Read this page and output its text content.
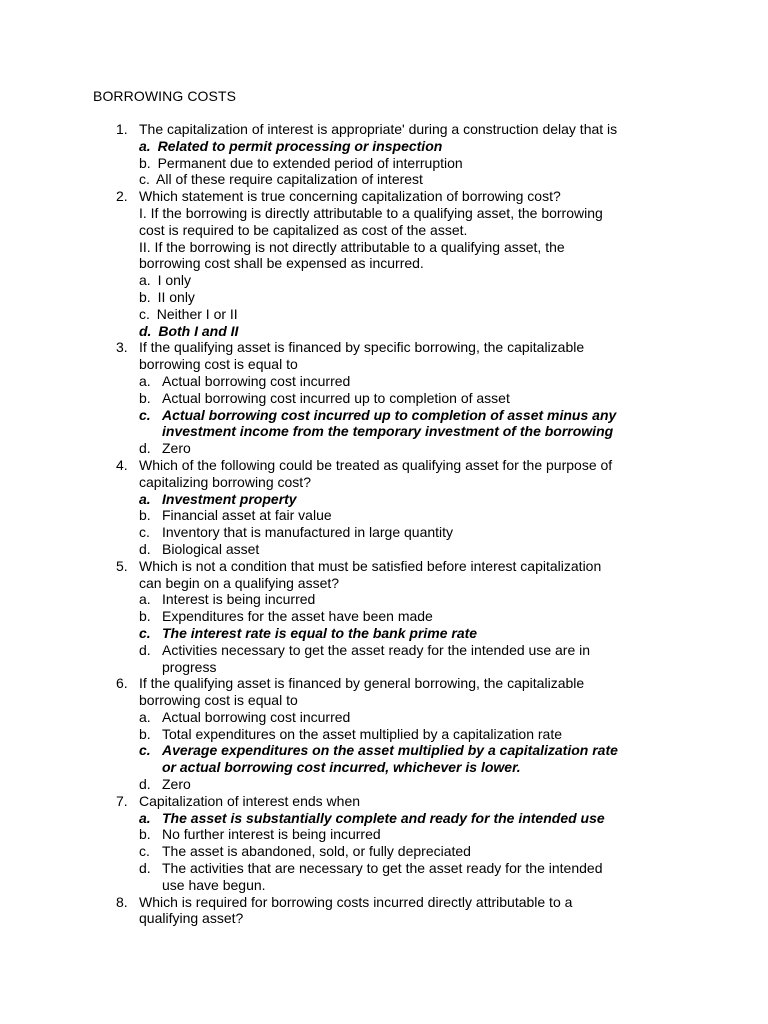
BORROWING COSTS
1. The capitalization of interest is appropriate' during a construction delay that is
a. Related to permit processing or inspection
b. Permanent due to extended period of interruption
c. All of these require capitalization of interest
2. Which statement is true concerning capitalization of borrowing cost?
I. If the borrowing is directly attributable to a qualifying asset, the borrowing
cost is required to be capitalized as cost of the asset.
II. If the borrowing is not directly attributable to a qualifying asset, the
borrowing cost shall be expensed as incurred.
a. I only
b. II only
c. Neither I or II
d. Both I and II
3. If the qualifying asset is financed by specific borrowing, the capitalizable
borrowing cost is equal to
a. Actual borrowing cost incurred
b. Actual borrowing cost incurred up to completion of asset
c. Actual borrowing cost incurred up to completion of asset minus any
investment income from the temporary investment of the borrowing
d. Zero
4. Which of the following could be treated as qualifying asset for the purpose of
capitalizing borrowing cost?
a. Investment property
b. Financial asset at fair value
c. Inventory that is manufactured in large quantity
d. Biological asset
5. Which is not a condition that must be satisfied before interest capitalization
can begin on a qualifying asset?
a. Interest is being incurred
b. Expenditures for the asset have been made
c. The interest rate is equal to the bank prime rate
d. Activities necessary to get the asset ready for the intended use are in
progress
6. If the qualifying asset is financed by general borrowing, the capitalizable
borrowing cost is equal to
a. Actual borrowing cost incurred
b. Total expenditures on the asset multiplied by a capitalization rate
c. Average expenditures on the asset multiplied by a capitalization rate
or actual borrowing cost incurred, whichever is lower.
d. Zero
7. Capitalization of interest ends when
a. The asset is substantially complete and ready for the intended use
b. No further interest is being incurred
c. The asset is abandoned, sold, or fully depreciated
d. The activities that are necessary to get the asset ready for the intended
use have begun.
8. Which is required for borrowing costs incurred directly attributable to a
qualifying asset?
